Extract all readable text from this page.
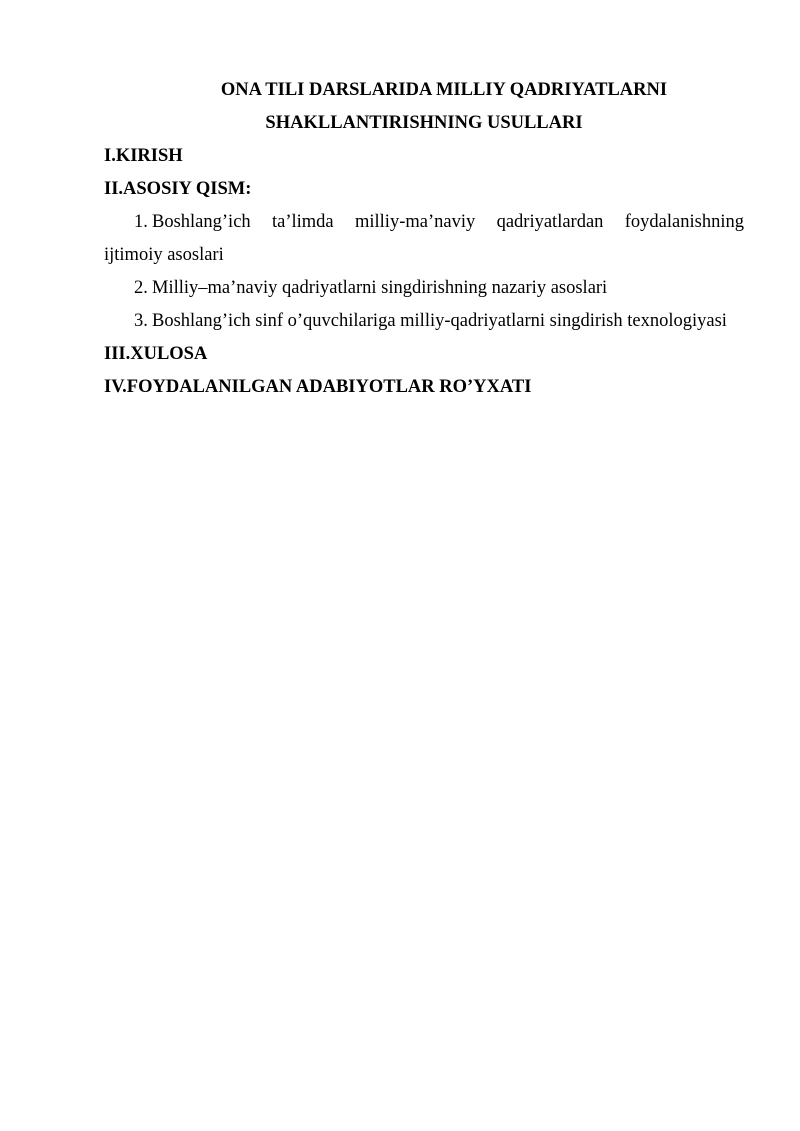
ONA TILI DARSLARIDA MILLIY QADRIYATLARNI
SHAKLLANTIRISHNING USULLARI
I.KIRISH
II.ASOSIY QISM:
1. Boshlang’ich ta’limda milliy-ma’naviy qadriyatlardan foydalanishning
ijtimoiy asoslari
2. Milliy–ma’naviy qadriyatlarni singdirishning nazariy asoslari
3. Boshlang’ich sinf o’quvchilariga milliy-qadriyatlarni singdirish texnologiyasi
III.XULOSA
IV.FOYDALANILGAN ADABIYOTLAR RO’YXATI
